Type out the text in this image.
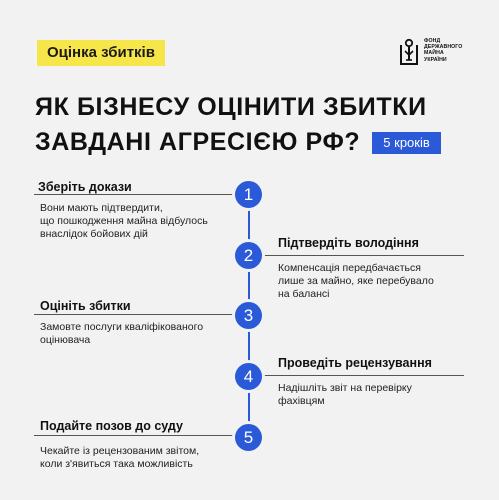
Оцінка збитків
ФОНД
ДЕРЖАВНОГО
МАЙНА
УКРАЇНИ
ЯК БІЗНЕСУ ОЦІНИТИ ЗБИТКИ
ЗАВДАНІ АГРЕСІЄЮ РФ?	5 кроків
Зберіть докази	1
Вони мають підтвердити,
що пошкодження майна відбулось
внаслідок бойових дій
Підтвердіть володіння
2
Компенсація передбачається
лише за майно, яке перебувало
на балансі
Оцініть збитки	3
Замовте послуги кваліфікованого
оцінювача
Проведіть рецензування
4
Надішліть звіт на перевірку
фахівцям
Подайте позов до суду
5
Чекайте із рецензованим звітом,
коли з'явиться така можливість
